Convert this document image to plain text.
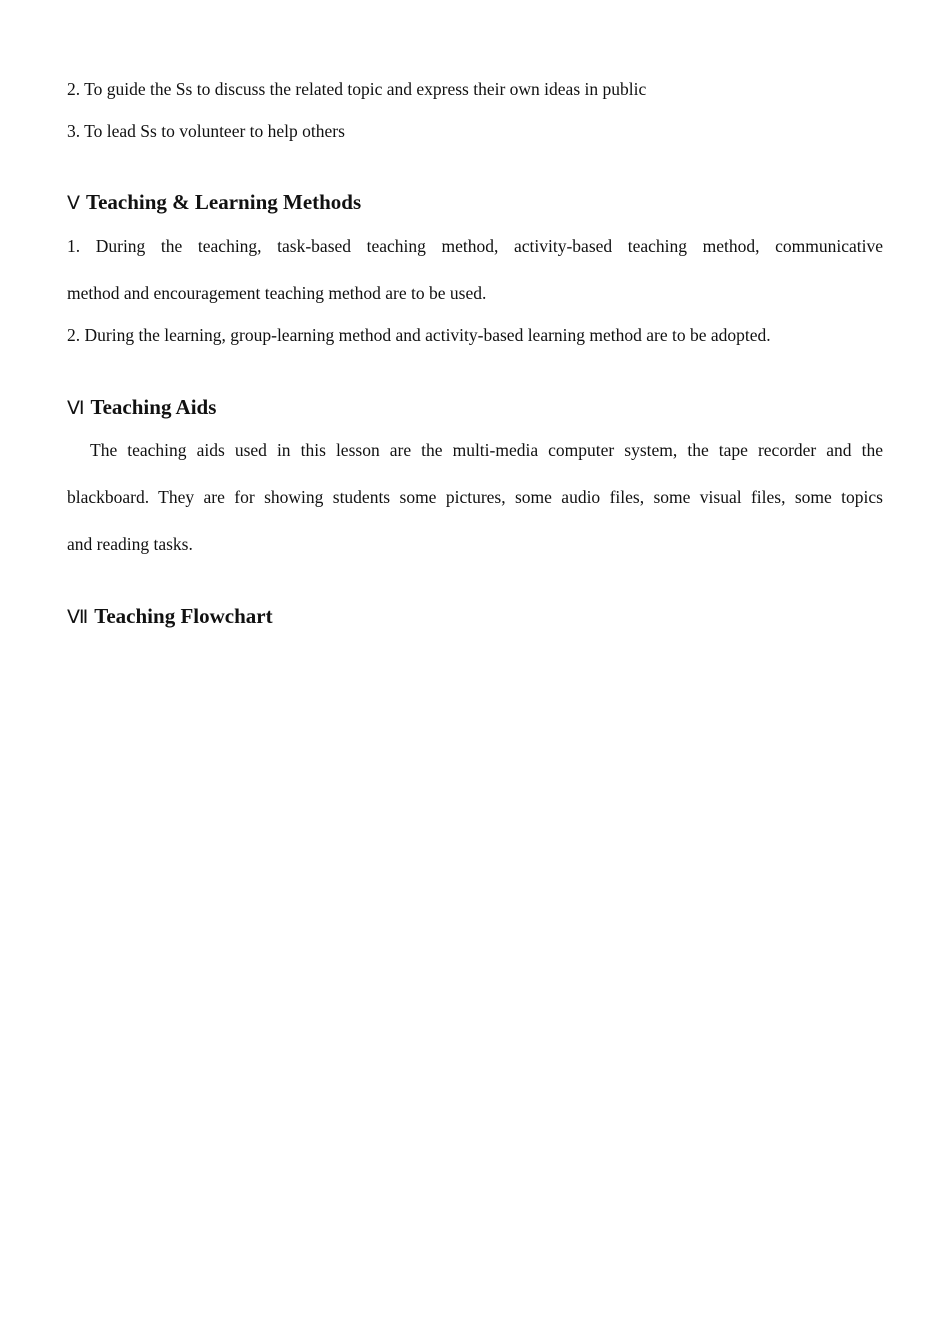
2. To guide the Ss to discuss the related topic and express their own ideas in public
3. To lead Ss to volunteer to help others
Ⅴ Teaching & Learning Methods
1. During the teaching, task-based teaching method, activity-based teaching method, communicative
method and encouragement teaching method are to be used.
2. During the learning, group-learning method and activity-based learning method are to be adopted.
Ⅵ Teaching Aids
The teaching aids used in this lesson are the multi-media computer system, the tape recorder and the
blackboard. They are for showing students some pictures, some audio files, some visual files, some topics
and reading tasks.
Ⅶ Teaching Flowchart
